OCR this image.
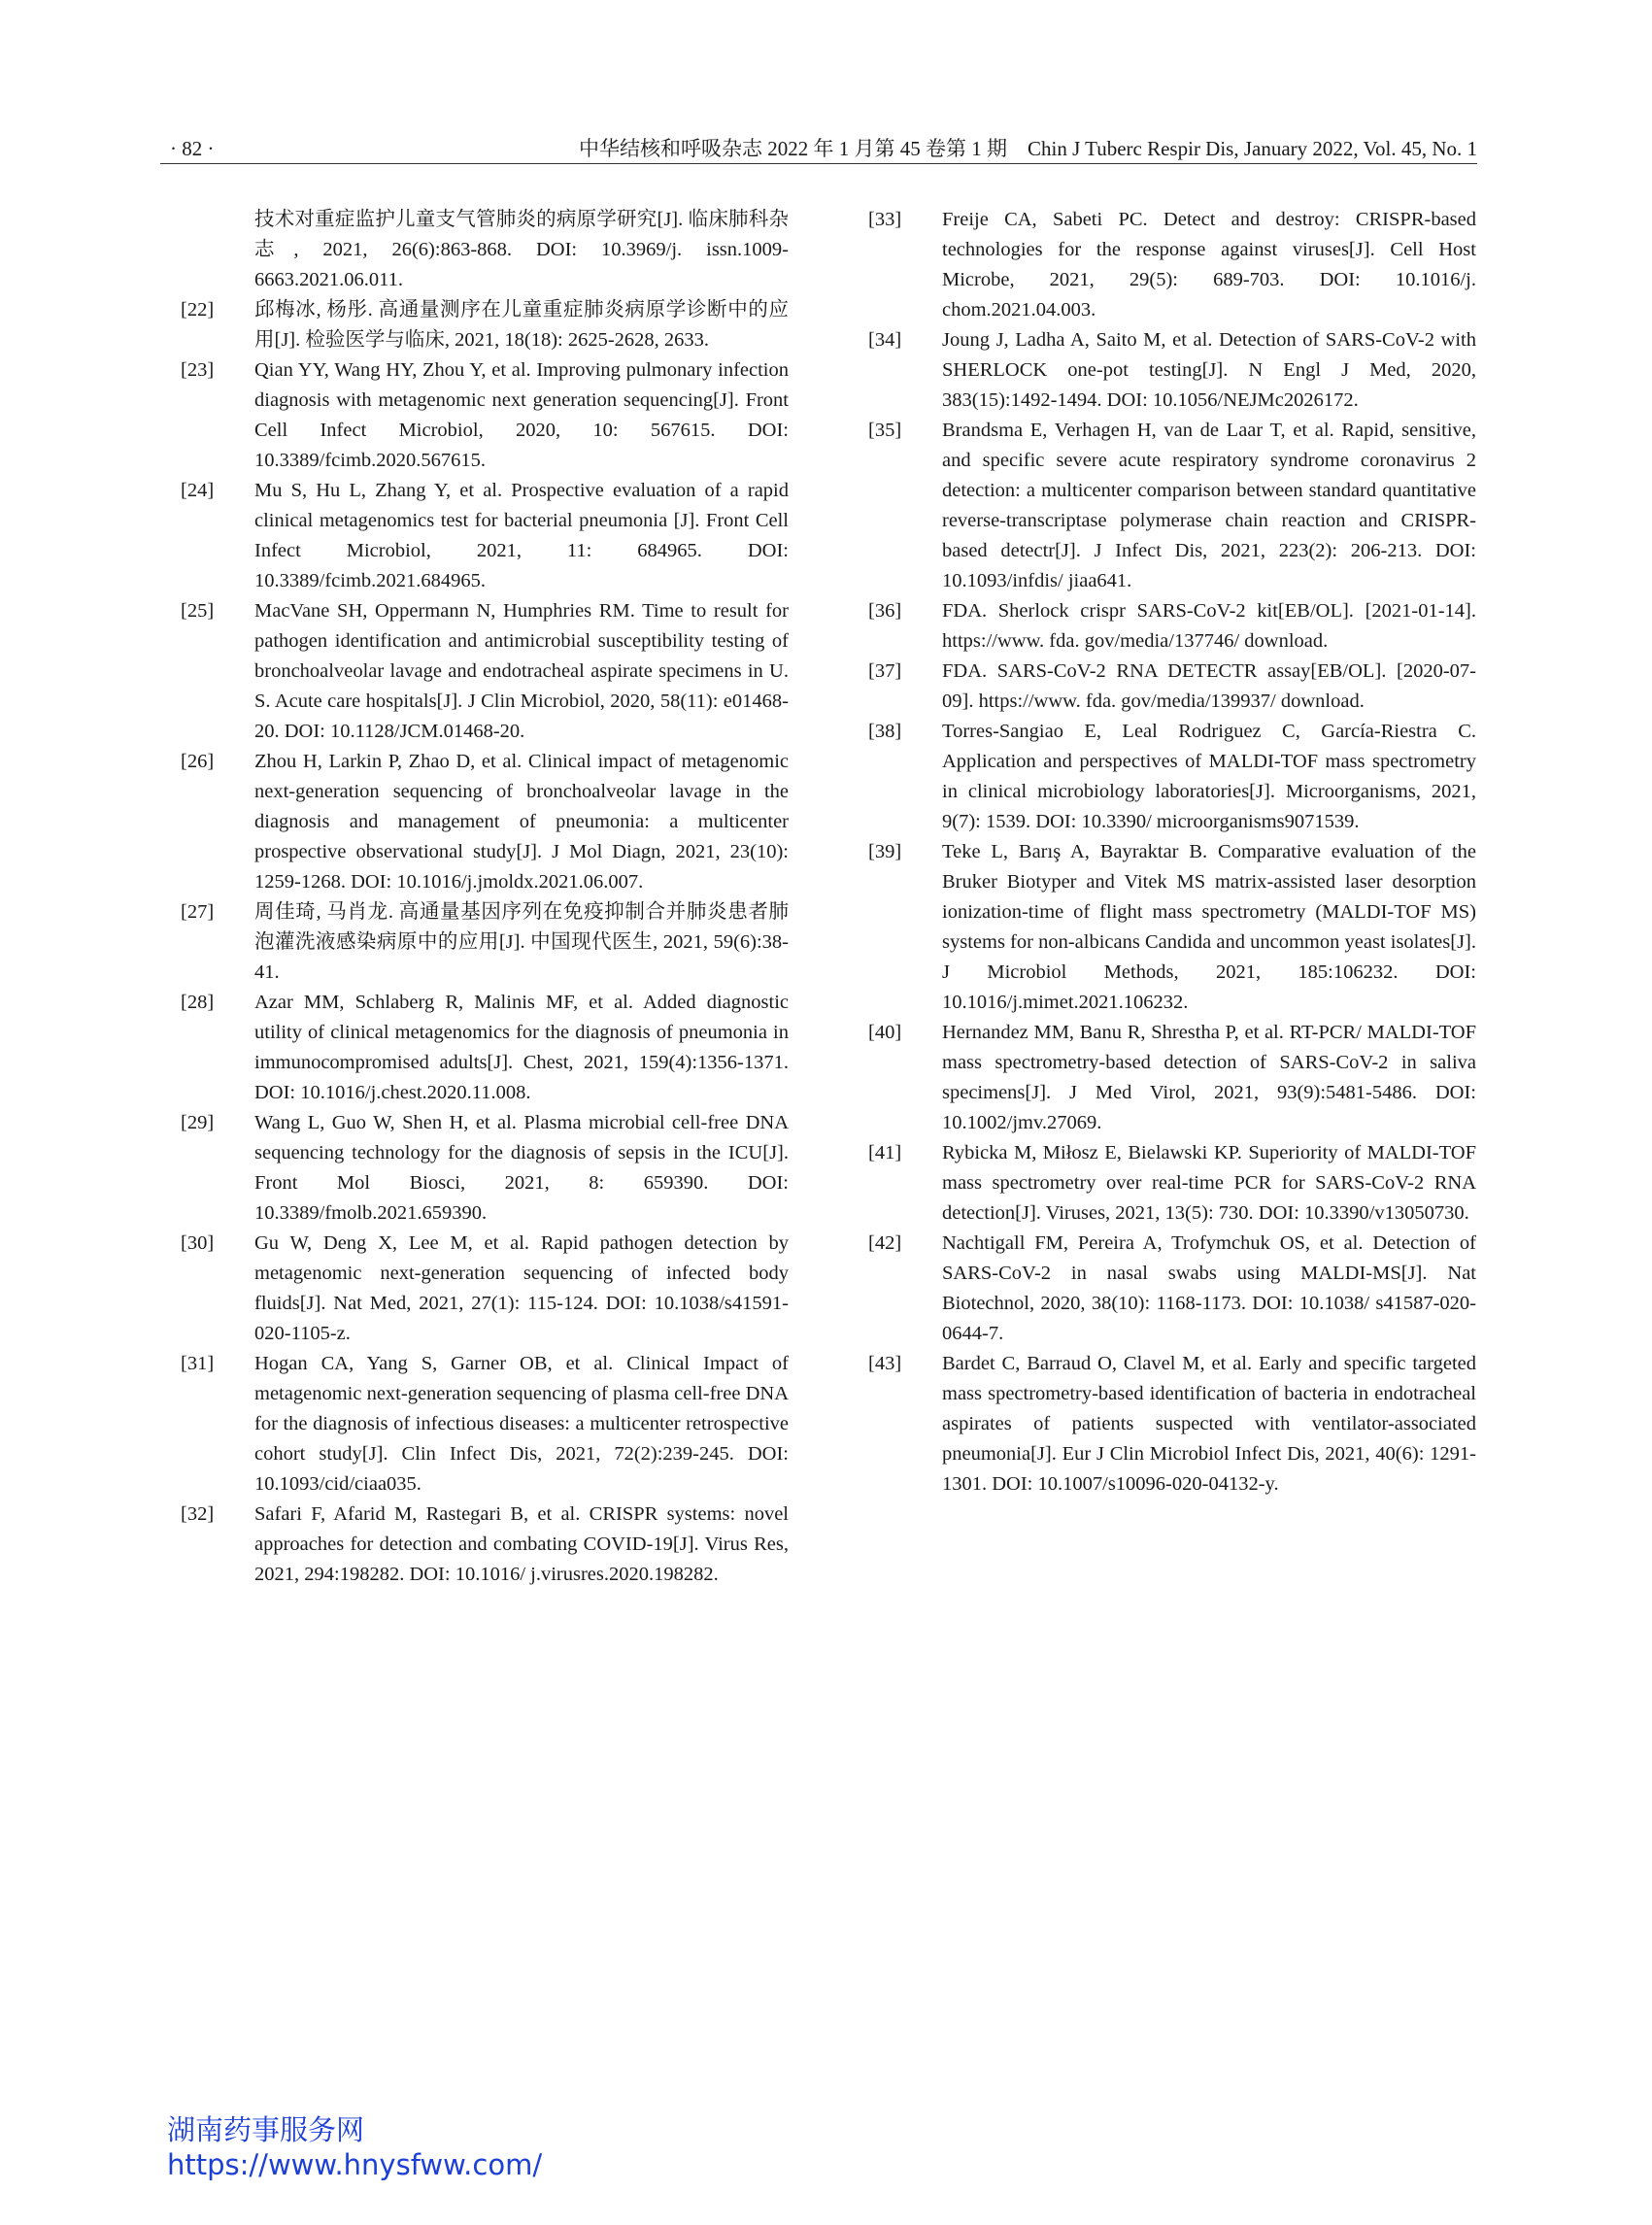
· 82 ·	中华结核和呼吸杂志 2022 年 1 月第 45 卷第 1 期　Chin J Tuberc Respir Dis, January 2022, Vol. 45, No. 1
技术对重症监护儿童支气管肺炎的病原学研究[J]. 临床肺科杂志, 2021, 26(6):863-868. DOI: 10.3969/j. issn.1009-6663.2021.06.011.
[22]	邱梅冰, 杨彤. 高通量测序在儿童重症肺炎病原学诊断中的应用[J]. 检验医学与临床, 2021, 18(18): 2625-2628, 2633.
[23]	Qian YY, Wang HY, Zhou Y, et al. Improving pulmonary infection diagnosis with metagenomic next generation sequencing[J]. Front Cell Infect Microbiol, 2020, 10: 567615. DOI: 10.3389/fcimb.2020.567615.
[24]	Mu S, Hu L, Zhang Y, et al. Prospective evaluation of a rapid clinical metagenomics test for bacterial pneumonia [J]. Front Cell Infect Microbiol, 2021, 11: 684965. DOI: 10.3389/fcimb.2021.684965.
[25]	MacVane SH, Oppermann N, Humphries RM. Time to result for pathogen identification and antimicrobial susceptibility testing of bronchoalveolar lavage and endotracheal aspirate specimens in U. S. Acute care hospitals[J]. J Clin Microbiol, 2020, 58(11): e01468-20. DOI: 10.1128/JCM.01468-20.
[26]	Zhou H, Larkin P, Zhao D, et al. Clinical impact of metagenomic next-generation sequencing of bronchoalveolar lavage in the diagnosis and management of pneumonia: a multicenter prospective observational study[J]. J Mol Diagn, 2021, 23(10): 1259-1268. DOI: 10.1016/j.jmoldx.2021.06.007.
[27]	周佳琦, 马肖龙. 高通量基因序列在免疫抑制合并肺炎患者肺泡灌洗液感染病原中的应用[J]. 中国现代医生, 2021, 59(6):38-41.
[28]	Azar MM, Schlaberg R, Malinis MF, et al. Added diagnostic utility of clinical metagenomics for the diagnosis of pneumonia in immunocompromised adults[J]. Chest, 2021, 159(4):1356-1371. DOI: 10.1016/j.chest.2020.11.008.
[29]	Wang L, Guo W, Shen H, et al. Plasma microbial cell-free DNA sequencing technology for the diagnosis of sepsis in the ICU[J]. Front Mol Biosci, 2021, 8: 659390. DOI: 10.3389/fmolb.2021.659390.
[30]	Gu W, Deng X, Lee M, et al. Rapid pathogen detection by metagenomic next-generation sequencing of infected body fluids[J]. Nat Med, 2021, 27(1): 115-124. DOI: 10.1038/s41591-020-1105-z.
[31]	Hogan CA, Yang S, Garner OB, et al. Clinical Impact of metagenomic next-generation sequencing of plasma cell-free DNA for the diagnosis of infectious diseases: a multicenter retrospective cohort study[J]. Clin Infect Dis, 2021, 72(2):239-245. DOI: 10.1093/cid/ciaa035.
[32]	Safari F, Afarid M, Rastegari B, et al. CRISPR systems: novel approaches for detection and combating COVID-19[J]. Virus Res, 2021, 294:198282. DOI: 10.1016/ j.virusres.2020.198282.
[33]	Freije CA, Sabeti PC. Detect and destroy: CRISPR-based technologies for the response against viruses[J]. Cell Host Microbe, 2021, 29(5): 689-703. DOI: 10.1016/j. chom.2021.04.003.
[34]	Joung J, Ladha A, Saito M, et al. Detection of SARS-CoV-2 with SHERLOCK one-pot testing[J]. N Engl J Med, 2020, 383(15):1492-1494. DOI: 10.1056/NEJMc2026172.
[35]	Brandsma E, Verhagen H, van de Laar T, et al. Rapid, sensitive, and specific severe acute respiratory syndrome coronavirus 2 detection: a multicenter comparison between standard quantitative reverse-transcriptase polymerase chain reaction and CRISPR-based detectr[J]. J Infect Dis, 2021, 223(2): 206-213. DOI: 10.1093/infdis/ jiaa641.
[36]	FDA. Sherlock crispr SARS-CoV-2 kit[EB/OL]. [2021-01-14]. https://www. fda. gov/media/137746/ download.
[37]	FDA. SARS-CoV-2 RNA DETECTR assay[EB/OL]. [2020-07-09]. https://www. fda. gov/media/139937/ download.
[38]	Torres-Sangiao E, Leal Rodriguez C, García-Riestra C. Application and perspectives of MALDI-TOF mass spectrometry in clinical microbiology laboratories[J]. Microorganisms, 2021, 9(7): 1539. DOI: 10.3390/ microorganisms9071539.
[39]	Teke L, Barış A, Bayraktar B. Comparative evaluation of the Bruker Biotyper and Vitek MS matrix-assisted laser desorption ionization-time of flight mass spectrometry (MALDI-TOF MS) systems for non-albicans Candida and uncommon yeast isolates[J]. J Microbiol Methods, 2021, 185:106232. DOI: 10.1016/j.mimet.2021.106232.
[40]	Hernandez MM, Banu R, Shrestha P, et al. RT-PCR/ MALDI-TOF mass spectrometry-based detection of SARS-CoV-2 in saliva specimens[J]. J Med Virol, 2021, 93(9):5481-5486. DOI: 10.1002/jmv.27069.
[41]	Rybicka M, Miłosz E, Bielawski KP. Superiority of MALDI-TOF mass spectrometry over real-time PCR for SARS-CoV-2 RNA detection[J]. Viruses, 2021, 13(5): 730. DOI: 10.3390/v13050730.
[42]	Nachtigall FM, Pereira A, Trofymchuk OS, et al. Detection of SARS-CoV-2 in nasal swabs using MALDI-MS[J]. Nat Biotechnol, 2020, 38(10): 1168-1173. DOI: 10.1038/ s41587-020-0644-7.
[43]	Bardet C, Barraud O, Clavel M, et al. Early and specific targeted mass spectrometry-based identification of bacteria in endotracheal aspirates of patients suspected with ventilator-associated pneumonia[J]. Eur J Clin Microbiol Infect Dis, 2021, 40(6): 1291-1301. DOI: 10.1007/s10096-020-04132-y.
湖南药事服务网
https://www.hnysfww.com/
